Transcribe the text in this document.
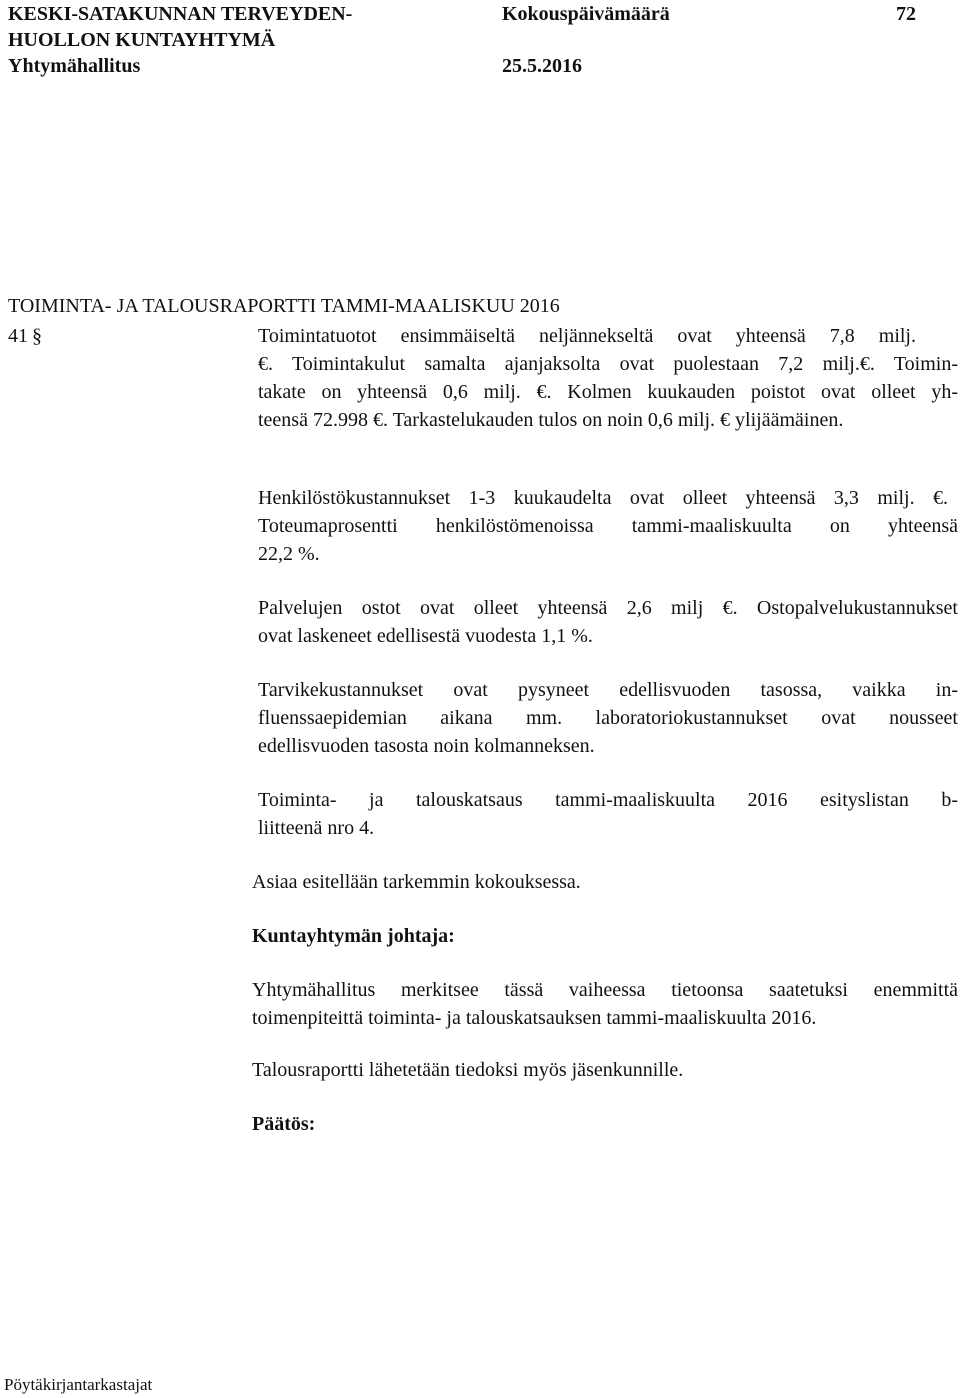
KESKI-SATAKUNNAN TERVEYDEN-
HUOLLON KUNTAYHTYMÄ
Yhtymähallitus
Kokouspäivämäärä
25.5.2016
72
TOIMINTA- JA TALOUSRAPORTTI TAMMI-MAALISKUU 2016
41 §	Toimintatuotot ensimmäiseltä neljännekseltä ovat yhteensä 7,8 milj.
€. Toimintakulut samalta ajanjaksolta ovat puolestaan 7,2 milj.€. Toimin-
takate on yhteensä 0,6 milj. €. Kolmen kuukauden poistot ovat olleet yh-
teensä 72.998 €. Tarkastelukauden tulos on noin 0,6 milj. € ylijäämäinen.
Henkilöstökustannukset 1-3 kuukaudelta ovat olleet yhteensä 3,3 milj. €.
Toteumaprosentti henkilöstömenoissa tammi-maaliskuulta on yhteensä
22,2 %.
Palvelujen ostot ovat olleet yhteensä 2,6 milj €. Ostopalvelukustannukset
ovat laskeneet edellisestä vuodesta 1,1 %.
Tarvikekustannukset ovat pysyneet edellisvuoden tasossa, vaikka in-
fluenssaepidemian aikana mm. laboratoriokustannukset ovat nousseet
edellisvuoden tasosta noin kolmanneksen.
Toiminta- ja talouskatsaus tammi-maaliskuulta 2016 esityslistan b-
liitteenä nro 4.
Asiaa esitellään tarkemmin kokouksessa.
Kuntayhtymän johtaja:
Yhtymähallitus merkitsee tässä vaiheessa tietoonsa saatetuksi enemmittä
toimenpiteittä toiminta- ja talouskatsauksen tammi-maaliskuulta 2016.
Talousraportti lähetetään tiedoksi myös jäsenkunnille.
Päätös:
Pöytäkirjantarkastajat
